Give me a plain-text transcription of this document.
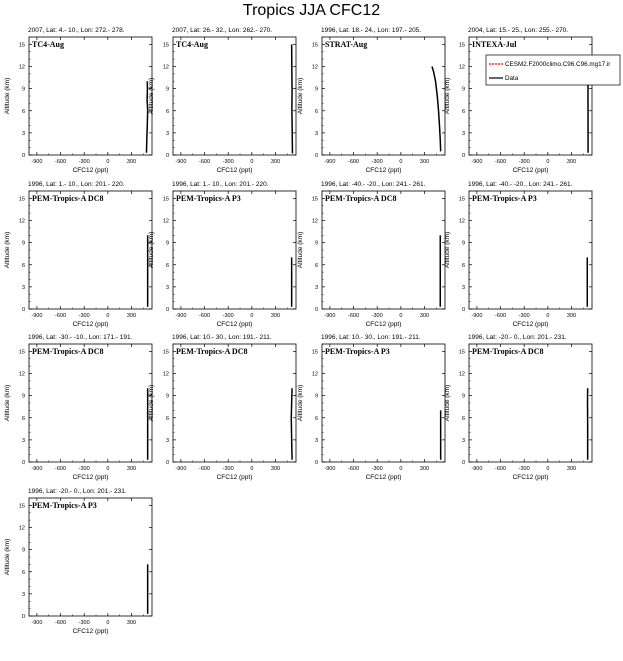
Tropics JJA CFC12
2007, Lat: 4.- 10., Lon: 272.- 278.
TC4-Aug
-900 -600 -300	0	300
0
3
6
9
12
15
CFC12 (ppt)
Altitude (km)
2007, Lat: 26.- 32., Lon: 262.- 270.
TC4-Aug
-900 -600 -300	0	300
0
3
6
9
12
15
CFC12 (ppt)
Altitude (km)
1996, Lat: 18.- 24., Lon: 197.- 205.
STRAT-Aug
-900 -600 -300	0	300
0
3
6
9
12
15
CFC12 (ppt)
Altitude (km)
2004, Lat: 15.- 25., Lon: 255.- 270.
INTEXA-Jul
-900 -600 -300	0	300
0
3
6
9
12
15
CFC12 (ppt)
Altitude (km)
CESM2.F2000climo.C96.C96.mg17.ir
Data
1996, Lat: 1.- 10., Lon: 201.- 220.
PEM-Tropics-A DC8
-900 -600 -300	0	300
0
3
6
9
12
15
CFC12 (ppt)
Altitude (km)
1996, Lat: 1.- 10., Lon: 201.- 220.
PEM-Tropics-A P3
-900 -600 -300	0	300
0
3
6
9
12
15
CFC12 (ppt)
Altitude (km)
1996, Lat: -40.- -20., Lon: 241.- 261.
PEM-Tropics-A DC8
-900 -600 -300	0	300
0
3
6
9
12
15
CFC12 (ppt)
Altitude (km)
1996, Lat: -40.- -20., Lon: 241.- 261.
PEM-Tropics-A P3
-900 -600 -300	0	300
0
3
6
9
12
15
CFC12 (ppt)
Altitude (km)
1996, Lat: -30.- -10., Lon: 171.- 191.
PEM-Tropics-A DC8
-900 -600 -300	0	300
0
3
6
9
12
15
CFC12 (ppt)
Altitude (km)
1996, Lat: 10.- 30., Lon: 191.- 211.
PEM-Tropics-A DC8
-900 -600 -300	0	300
0
3
6
9
12
15
CFC12 (ppt)
Altitude (km)
1996, Lat: 10.- 30., Lon: 191.- 211.
PEM-Tropics-A P3
-900 -600 -300	0	300
0
3
6
9
12
15
CFC12 (ppt)
Altitude (km)
1996, Lat: -20.- 0., Lon: 201.- 231.
PEM-Tropics-A DC8
-900 -600 -300	0	300
0
3
6
9
12
15
CFC12 (ppt)
Altitude (km)
1996, Lat: -20.- 0., Lon: 201.- 231.
PEM-Tropics-A P3
-900 -600 -300	0	300
0
3
6
9
12
15
CFC12 (ppt)
Altitude (km)
